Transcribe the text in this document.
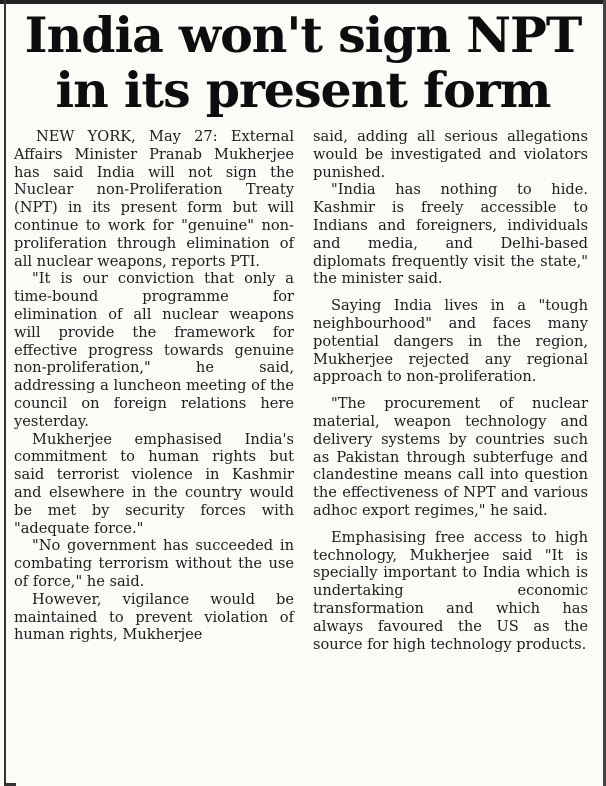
India won't sign NPT
in its present form

NEW YORK, May 27: External Affairs Minister Pranab Mukherjee has said India will not sign the Nuclear non-Proliferation Treaty (NPT) in its present form but will continue to work for "genuine" non-proliferation through elimination of all nuclear weapons, reports PTI.

"It is our conviction that only a time-bound programme for elimination of all nuclear weapons will provide the framework for effective progress towards genuine non-proliferation," he said, addressing a luncheon meeting of the council on foreign relations here yesterday.

Mukherjee emphasised India's commitment to human rights but said terrorist violence in Kashmir and elsewhere in the country would be met by security forces with "adequate force."

"No government has succeeded in combating terrorism without the use of force," he said.

However, vigilance would be maintained to prevent violation of human rights, Mukherjee

said, adding all serious allegations would be investigated and violators punished.

"India has nothing to hide. Kashmir is freely accessible to Indians and foreigners, individuals and media, and Delhi-based diplomats frequently visit the state," the minister said.

Saying India lives in a "tough neighbourhood" and faces many potential dangers in the region, Mukherjee rejected any regional approach to non-proliferation.

"The procurement of nuclear material, weapon technology and delivery systems by countries such as Pakistan through subterfuge and clandestine means call into question the effectiveness of NPT and various adhoc export regimes," he said.

Emphasising free access to high technology, Mukherjee said "It is specially important to India which is undertaking economic transformation and which has always favoured the US as the source for high technology products.
